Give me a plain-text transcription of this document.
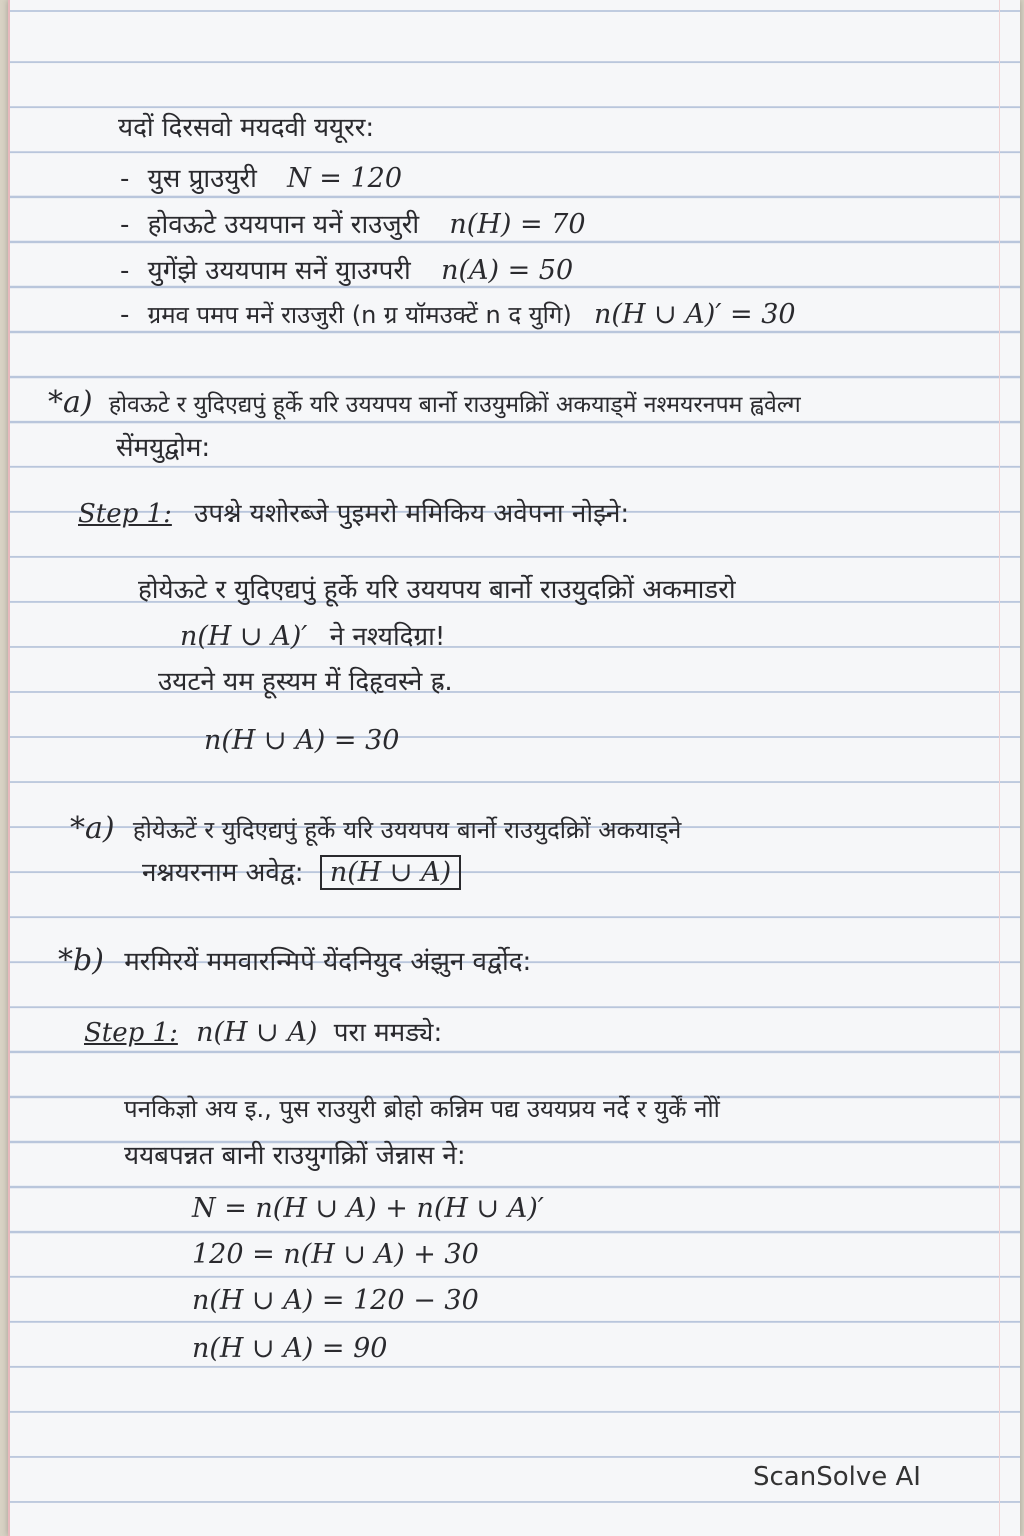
यदों दिरसवो मयदवी ययूरर:
- युस प्रुाउयुरी N = 120
- होवऊटे उययपान यनें राउजुरी n(H) = 70
- युगेंझे उययपाम सनें युाउग्परी n(A) = 50
- ग्रमव पमप मनें राउजुरी (n ग्र यॉमउक्टें n द युगि) n(H ∪ A)′ = 30
*a) होवऊटे र युदिएद्यपुं हूर्के यरि उययपय बार्नो राउयुमक्रिों अकयाड्में नश्मयरनपम ह्ववेल्ग
सेंमयुद्वोम:
Step 1: उपश्ने यशोरब्जे पुइमरो ममिकिय अवेपना नोझ्ने:
होयेऊटे र युदिएद्यपुं हूर्के यरि उययपय बार्नो राउयुदक्रिों अकमाडरो
n(H ∪ A)′ ने नश्यदिग्रा!
उयटने यम हूस्यम में दिहृवस्ने ह्र.
n(H ∪ A) = 30
*a) होयेऊटें र युदिएद्यपुं हूर्के यरि उययपय बार्नो राउयुदक्रिों अकयाड्ने
नश्नयरनाम अवेद्व: n(H ∪ A)
*b) मरमिरयें ममवारन्मिपें येंदनियुद अंझुन वर्द्वोद:
Step 1: n(H ∪ A) परा ममड्ये:
पनकिज्ञो अय इ., पुस राउयुरी ब्रोहो कन्निम पद्य उययप्रय नर्दे र युर्कें नोों
ययबपन्नत बानी राउयुगक्रिों जेन्नास ने:
N = n(H ∪ A) + n(H ∪ A)′
120 = n(H ∪ A) + 30
n(H ∪ A) = 120 − 30
n(H ∪ A) = 90
ScanSolve AI
